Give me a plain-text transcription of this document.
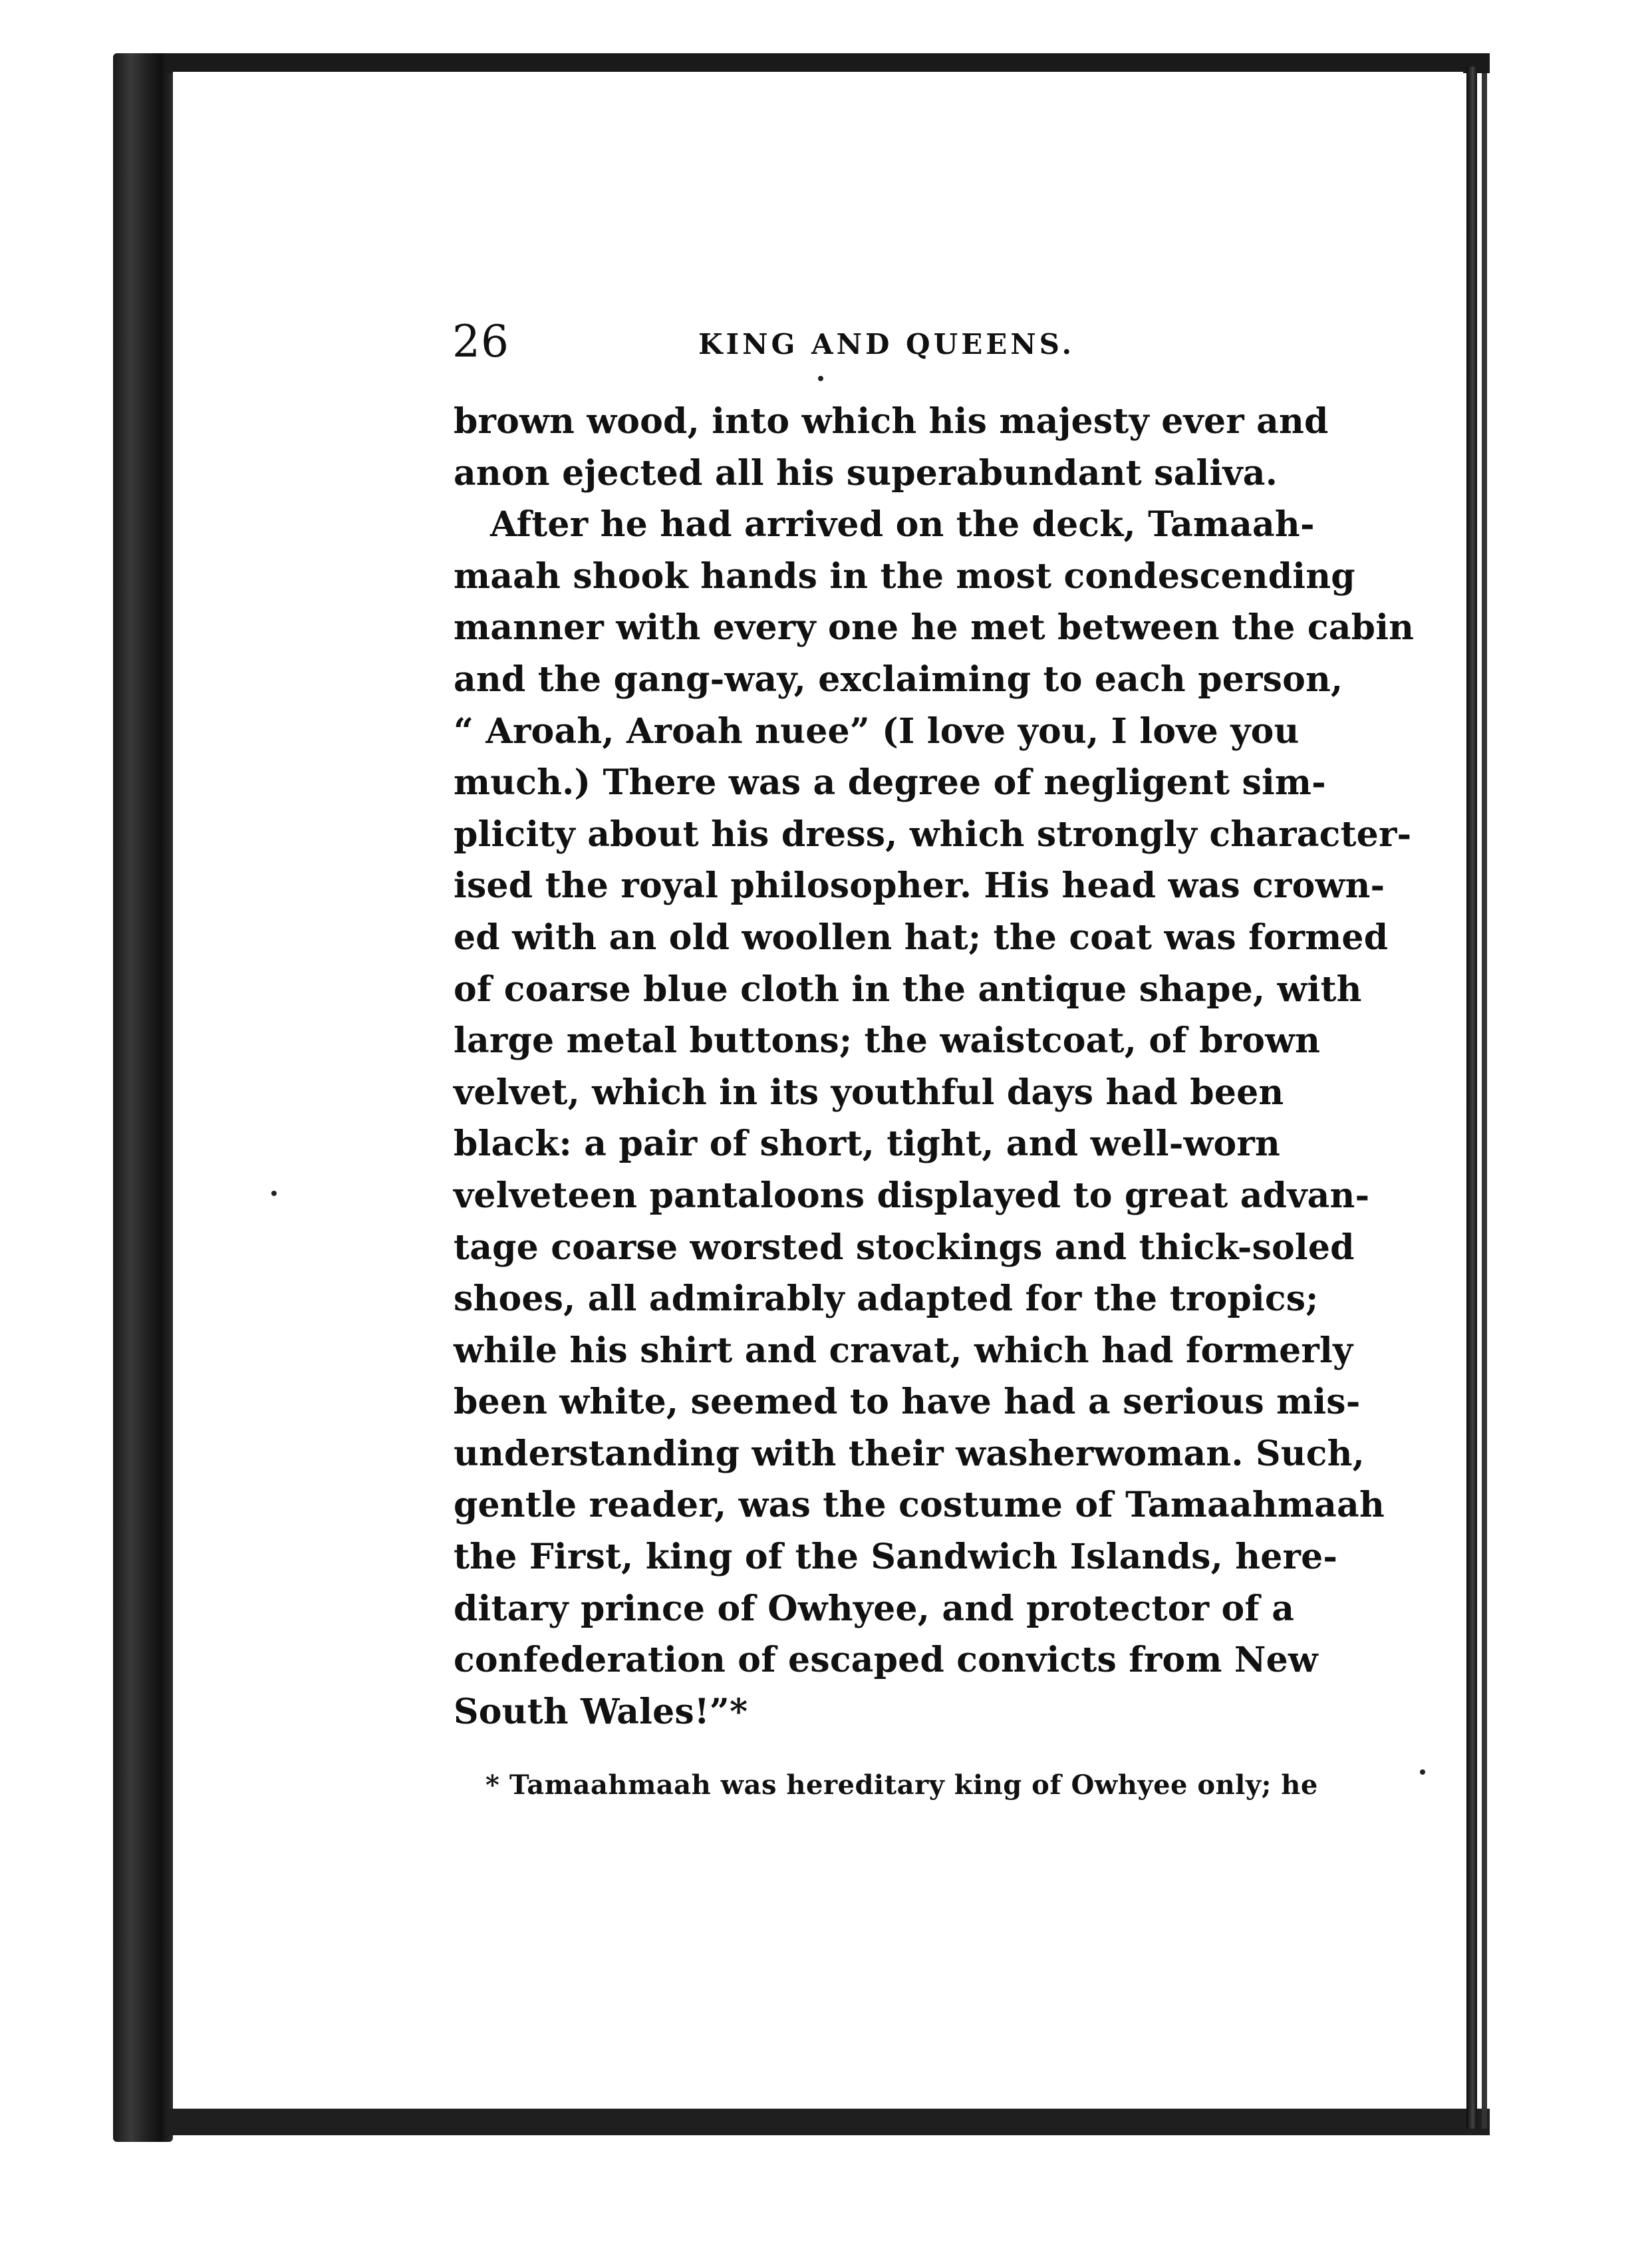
26	KING AND QUEENS.
brown wood, into which his majesty ever and
anon ejected all his superabundant saliva.
After he had arrived on the deck, Tamaah-
maah shook hands in the most condescending
manner with every one he met between the cabin
and the gang-way, exclaiming to each person,
“ Aroah, Aroah nuee” (I love you, I love you
much.) There was a degree of negligent sim-
plicity about his dress, which strongly character-
ised the royal philosopher. His head was crown-
ed with an old woollen hat; the coat was formed
of coarse blue cloth in the antique shape, with
large metal buttons; the waistcoat, of brown
velvet, which in its youthful days had been
black: a pair of short, tight, and well-worn
velveteen pantaloons displayed to great advan-
tage coarse worsted stockings and thick-soled
shoes, all admirably adapted for the tropics;
while his shirt and cravat, which had formerly
been white, seemed to have had a serious mis-
understanding with their washerwoman. Such,
gentle reader, was the costume of Tamaahmaah
the First, king of the Sandwich Islands, here-
ditary prince of Owhyee, and protector of a
confederation of escaped convicts from New
South Wales!”*
* Tamaahmaah was hereditary king of Owhyee only; he
